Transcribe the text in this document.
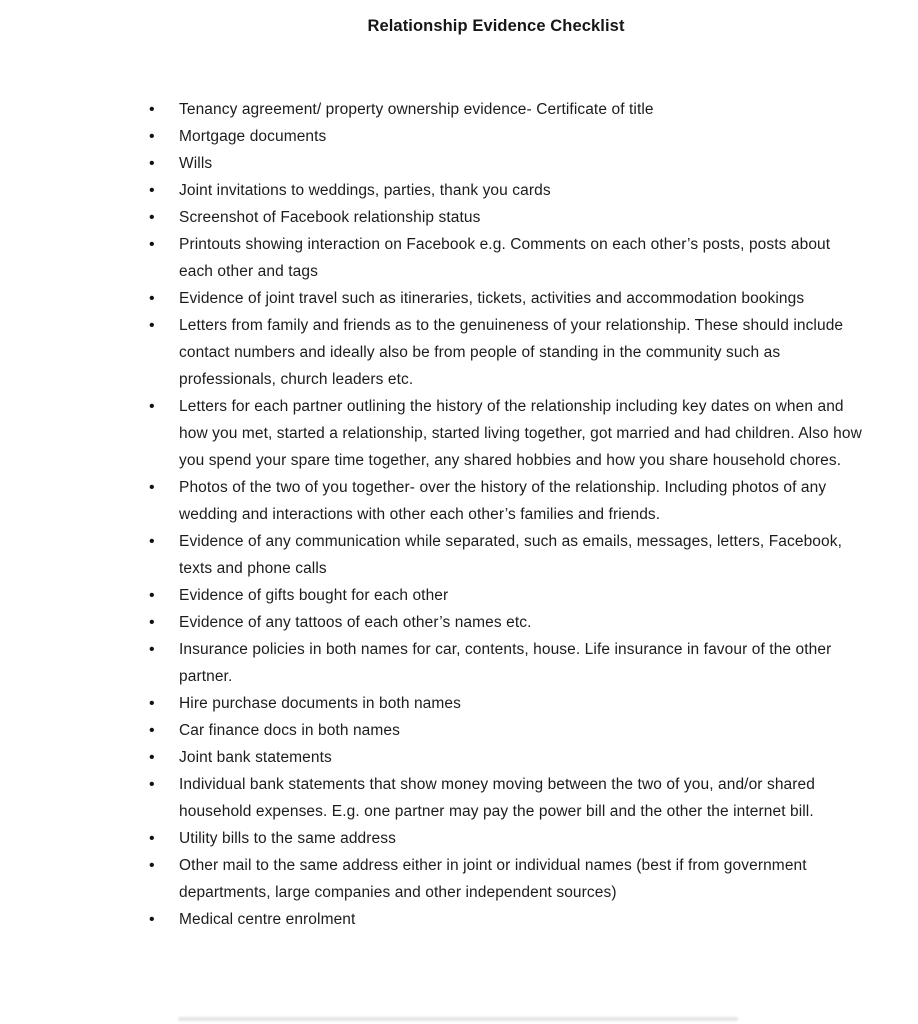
Relationship Evidence Checklist
• Tenancy agreement/ property ownership evidence- Certificate of title
• Mortgage documents
• Wills
• Joint invitations to weddings, parties, thank you cards
• Screenshot of Facebook relationship status
• Printouts showing interaction on Facebook e.g. Comments on each other’s posts, posts about each other and tags
• Evidence of joint travel such as itineraries, tickets, activities and accommodation bookings
• Letters from family and friends as to the genuineness of your relationship. These should include contact numbers and ideally also be from people of standing in the community such as professionals, church leaders etc.
• Letters for each partner outlining the history of the relationship including key dates on when and how you met, started a relationship, started living together, got married and had children. Also how you spend your spare time together, any shared hobbies and how you share household chores.
• Photos of the two of you together- over the history of the relationship. Including photos of any wedding and interactions with other each other’s families and friends.
• Evidence of any communication while separated, such as emails, messages, letters, Facebook, texts and phone calls
• Evidence of gifts bought for each other
• Evidence of any tattoos of each other’s names etc.
• Insurance policies in both names for car, contents, house. Life insurance in favour of the other partner.
• Hire purchase documents in both names
• Car finance docs in both names
• Joint bank statements
• Individual bank statements that show money moving between the two of you, and/or shared household expenses. E.g. one partner may pay the power bill and the other the internet bill.
• Utility bills to the same address
• Other mail to the same address either in joint or individual names (best if from government departments, large companies and other independent sources)
• Medical centre enrolment
